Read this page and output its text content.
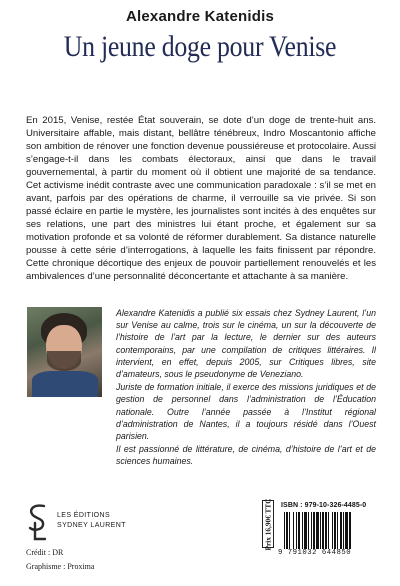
Alexandre Katenidis
Un jeune doge pour Venise

En 2015, Venise, restée État souverain, se dote d’un doge de trente-huit ans. Universitaire affable, mais distant, bellâtre ténébreux, Indro Moscantonio affiche son ambition de rénover une fonction devenue poussiéreuse et protocolaire. Aussi s’engage-t-il dans les combats électoraux, ainsi que dans le travail gouvernemental, à partir du moment où il obtient une majorité de sa tendance. Cet activisme inédit contraste avec une communication paradoxale : s’il se met en avant, parfois par des opérations de charme, il verrouille sa vie privée. Si son passé éclaire en partie le mystère, les journalistes sont incités à des enquêtes sur ses relations, une part des ministres lui étant proche, et également sur sa motivation profonde et sa volonté de réformer durablement. Sa distance naturelle pousse à cette série d’interrogations, à laquelle les faits finissent par répondre. Cette chronique décortique des enjeux de pouvoir partiellement renouvelés et les ambivalences d’une personnalité déconcertante et attachante à sa manière.

Alexandre Katenidis a publié six essais chez Sydney Laurent, l’un sur Venise au calme, trois sur le cinéma, un sur la découverte de l’histoire de l’art par la lecture, le dernier sur des auteurs contemporains, par une compilation de critiques littéraires. Il intervient, en effet, depuis 2005, sur Critiques libres, site d’amateurs, sous le pseudonyme de Veneziano.

Juriste de formation initiale, il exerce des missions juridiques et de gestion de personnel dans l’administration de l’Éducation nationale. Outre l’année passée à l’Institut régional d’administration de Nantes, il a toujours résidé dans l’Ouest parisien.

Il est passionné de littérature, de cinéma, d’histoire de l’art et de sciences humaines.

LES ÉDITIONS
SYDNEY LAURENT
Crédit : DR
Graphisme : Proxima
Prix 16,90€ TTC ISBN : 979-10-326-4485-0
9 791032 644850
